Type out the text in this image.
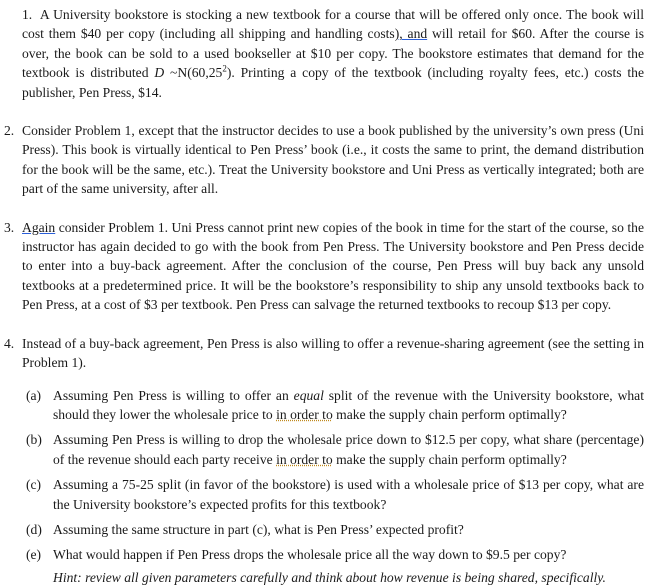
1. A University bookstore is stocking a new textbook for a course that will be offered only once. The book will cost them $40 per copy (including all shipping and handling costs), and will retail for $60. After the course is over, the book can be sold to a used bookseller at $10 per copy. The bookstore estimates that demand for the textbook is distributed D ~N(60,25$^2$). Printing a copy of the textbook (including royalty fees, etc.) costs the publisher, Pen Press, $14.
2. Consider Problem 1, except that the instructor decides to use a book published by the university’s own press (Uni Press). This book is virtually identical to Pen Press’ book (i.e., it costs the same to print, the demand distribution for the book will be the same, etc.). Treat the University bookstore and Uni Press as vertically integrated; both are part of the same university, after all.
3. Again consider Problem 1. Uni Press cannot print new copies of the book in time for the start of the course, so the instructor has again decided to go with the book from Pen Press. The University bookstore and Pen Press decide to enter into a buy-back agreement. After the conclusion of the course, Pen Press will buy back any unsold textbooks at a predetermined price. It will be the bookstore’s responsibility to ship any unsold textbooks back to Pen Press, at a cost of $3 per textbook. Pen Press can salvage the returned textbooks to recoup $13 per copy.
4. Instead of a buy-back agreement, Pen Press is also willing to offer a revenue-sharing agreement (see the setting in Problem 1).
(a) Assuming Pen Press is willing to offer an equal split of the revenue with the University bookstore, what should they lower the wholesale price to in order to make the supply chain perform optimally?
(b) Assuming Pen Press is willing to drop the wholesale price down to $12.5 per copy, what share (percentage) of the revenue should each party receive in order to make the supply chain perform optimally?
(c) Assuming a 75-25 split (in favor of the bookstore) is used with a wholesale price of $13 per copy, what are the University bookstore’s expected profits for this textbook?
(d) Assuming the same structure in part (c), what is Pen Press’ expected profit?
(e) What would happen if Pen Press drops the wholesale price all the way down to $9.5 per copy?
Hint: review all given parameters carefully and think about how revenue is being shared, specifically.
